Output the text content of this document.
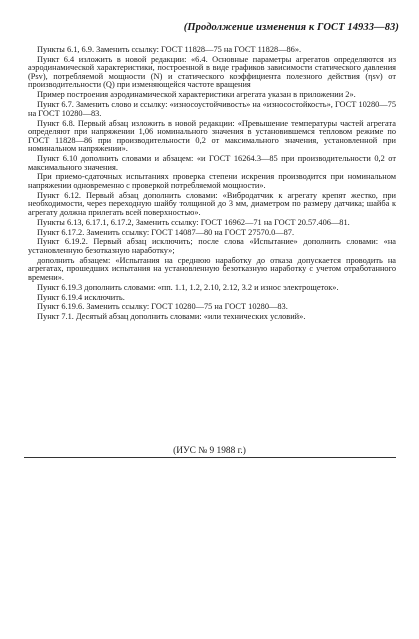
(Продолжение изменения к ГОСТ 14933—83)

Пункты 6.1, 6.9. Заменить ссылку: ГОСТ 11828—75 на ГОСТ 11828—86».

Пункт 6.4 изложить в новой редакции: «6.4. Основные параметры агрегатов определяются из аэродинамической характеристики, построенной в виде графиков зависимости статического давления (Psv), потребляемой мощности (N) и статического коэффициента полезного действия (ηsv) от производительности (Q) при изменяющейся частоте вращения

Пример построения аэродинамической характеристики агрегата указан в приложении 2».

Пункт 6.7. Заменить слово и ссылку: «износоустойчивость» на «износостойкость», ГОСТ 10280—75 на ГОСТ 10280—83.

Пункт 6.8. Первый абзац изложить в новой редакции: «Превышение температуры частей агрегата определяют при напряжении 1,06 номинального значения в установившемся тепловом режиме по ГОСТ 11828—86 при производительности 0,2 от максимального значения, установленной при номинальном напряжении».

Пункт 6.10 дополнить словами и абзацем: «и ГОСТ 16264.3—85 при производительности 0,2 от максимального значения.

При приемо-сдаточных испытаниях проверка степени искрения производится при номинальном напряжении одновременно с проверкой потребляемой мощности».

Пункт 6.12. Первый абзац дополнить словами: «Вибродатчик к агрегату крепят жестко, при необходимости, через переходную шайбу толщиной до 3 мм, диаметром по размеру датчика; шайба к агрегату должна прилегать всей поверхностью».

Пункты 6.13, 6.17.1, 6.17.2, Заменить ссылку: ГОСТ 16962—71 на ГОСТ 20.57.406—81.

Пункт 6.17.2. Заменить ссылку: ГОСТ 14087—80 на ГОСТ 27570.0—87.

Пункт 6.19.2. Первый абзац исключить; после слова «Испытание» дополнить словами: «на установленную безотказную наработку»;

дополнить абзацем: «Испытания на среднюю наработку до отказа допускается проводить на агрегатах, прошедших испытания на установленную безотказную наработку с учетом отработанного времени».

Пункт 6.19.3 дополнить словами: «пп. 1.1, 1.2, 2.10, 2.12, 3.2 и износ электрощеток».

Пункт 6.19.4 исключить.

Пункт 6.19.6. Заменить ссылку: ГОСТ 10280—75 на ГОСТ 10280—83.

Пункт 7.1. Десятый абзац дополнить словами: «или технических условий».

(ИУС № 9 1988 г.)
